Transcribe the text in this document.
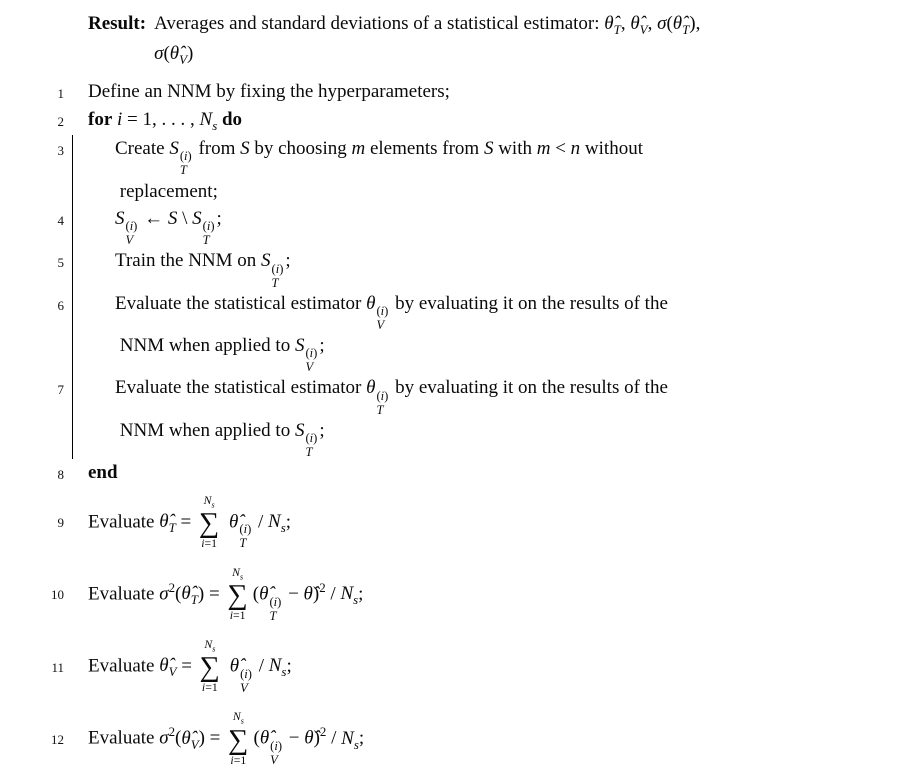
Result: Averages and standard deviations of a statistical estimator: $\thetâ_T$, $\thetâ_V$, $\sigma(\thetâ_T)$,
$\sigma(\thetâ_V)$
1	Define an NNM by fixing the hyperparameters;
2	for i = 1, . . . , $N_s$ do
3	Create S (i)
T
from S by choosing m elements from S with m < n without
replacement;
4	S (i)
V
← S \ S (i)
T
;
5	Train the NNM on S (i)
T
;
6	Evaluate the statistical estimator θ (i)
V
by evaluating it on the results of the
NNM when applied to S (i)
V
;
7	Evaluate the statistical estimator θ (i)
T
by evaluating it on the results of the
NNM when applied to S (i)
T
;
8	end
9	Evaluate $\thetâ_T$ =
$N_s$
∑
i=1
θ̂ (i)
T
/ $N_s$;
10	Evaluate $\sigma^2(\thetâ_T)$ =
$N_s$
∑
i=1
(θ̂ (i)
T
− θ̂)$^2$ / $N_s$;
11	Evaluate $\thetâ_V$ =
$N_s$
∑
i=1
θ̂ (i)
V
/ $N_s$;
12	Evaluate $\sigma^2(\thetâ_V)$ =
$N_s$
∑
i=1
(θ̂ (i)
V
− θ̂)$^2$ / $N_s$;
